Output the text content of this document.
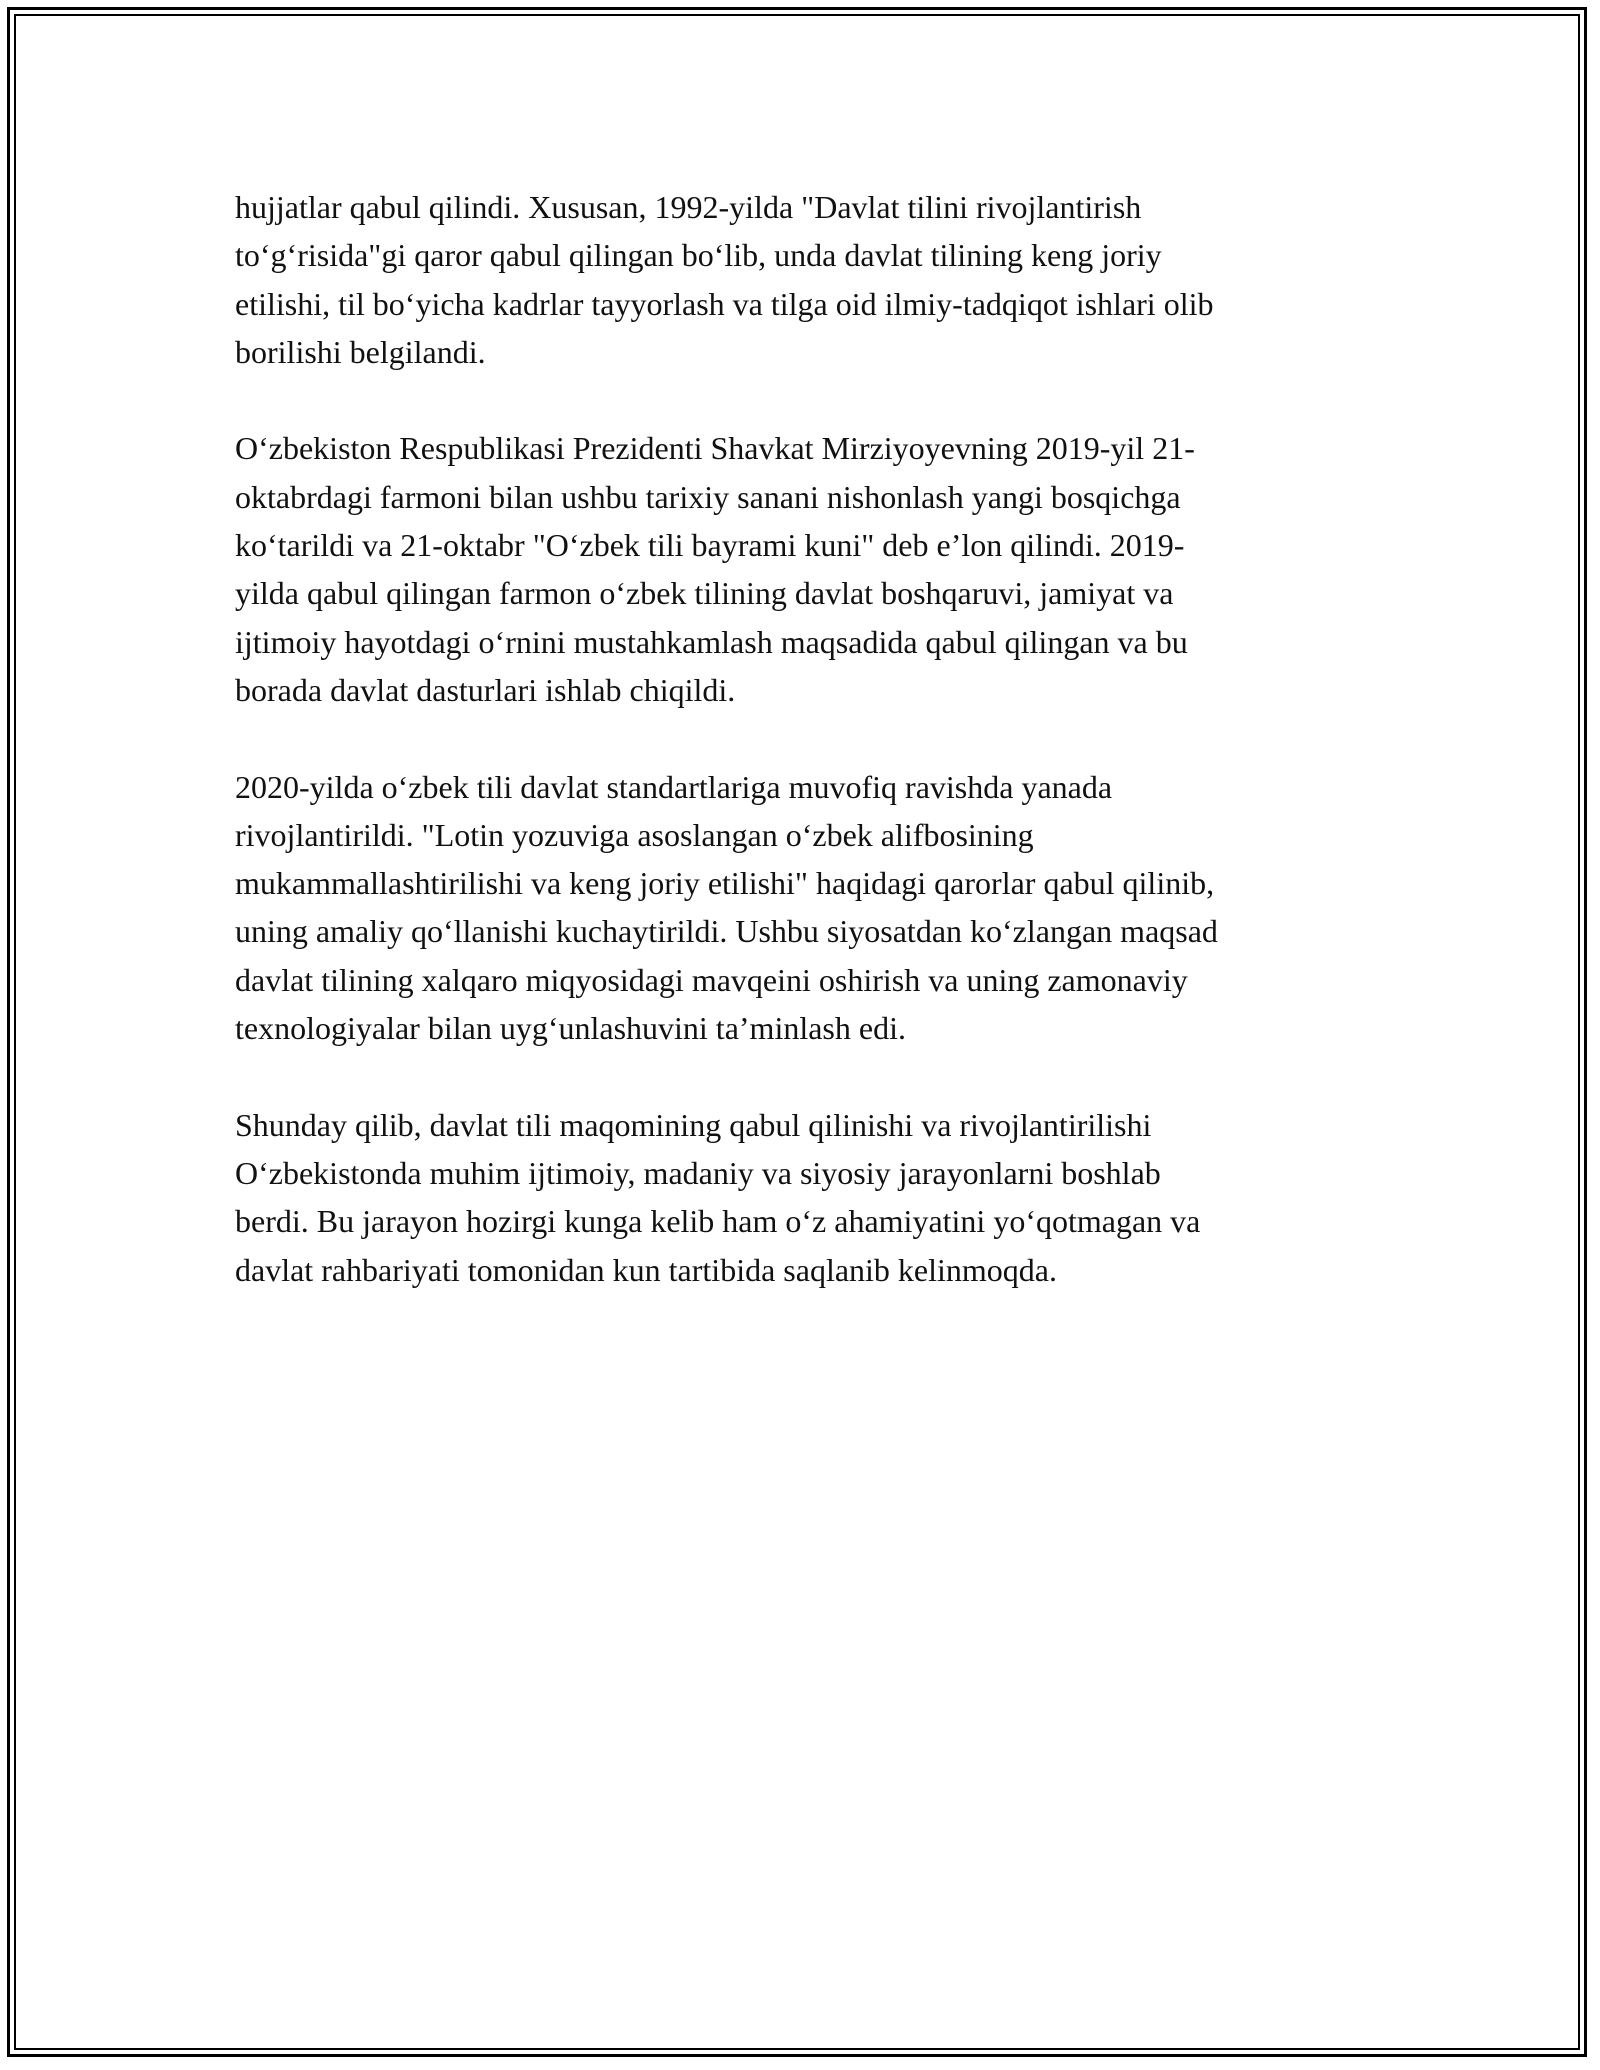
hujjatlar qabul qilindi. Xususan, 1992-yilda "Davlat tilini rivojlantirish
to‘g‘risida"gi qaror qabul qilingan bo‘lib, unda davlat tilining keng joriy
etilishi, til bo‘yicha kadrlar tayyorlash va tilga oid ilmiy-tadqiqot ishlari olib
borilishi belgilandi.

O‘zbekiston Respublikasi Prezidenti Shavkat Mirziyoyevning 2019-yil 21-
oktabrdagi farmoni bilan ushbu tarixiy sanani nishonlash yangi bosqichga
ko‘tarildi va 21-oktabr "O‘zbek tili bayrami kuni" deb e’lon qilindi. 2019-
yilda qabul qilingan farmon o‘zbek tilining davlat boshqaruvi, jamiyat va
ijtimoiy hayotdagi o‘rnini mustahkamlash maqsadida qabul qilingan va bu
borada davlat dasturlari ishlab chiqildi.

2020-yilda o‘zbek tili davlat standartlariga muvofiq ravishda yanada
rivojlantirildi. "Lotin yozuviga asoslangan o‘zbek alifbosining
mukammallashtirilishi va keng joriy etilishi" haqidagi qarorlar qabul qilinib,
uning amaliy qo‘llanishi kuchaytirildi. Ushbu siyosatdan ko‘zlangan maqsad
davlat tilining xalqaro miqyosidagi mavqeini oshirish va uning zamonaviy
texnologiyalar bilan uyg‘unlashuvini ta’minlash edi.

Shunday qilib, davlat tili maqomining qabul qilinishi va rivojlantirilishi
O‘zbekistonda muhim ijtimoiy, madaniy va siyosiy jarayonlarni boshlab
berdi. Bu jarayon hozirgi kunga kelib ham o‘z ahamiyatini yo‘qotmagan va
davlat rahbariyati tomonidan kun tartibida saqlanib kelinmoqda.
